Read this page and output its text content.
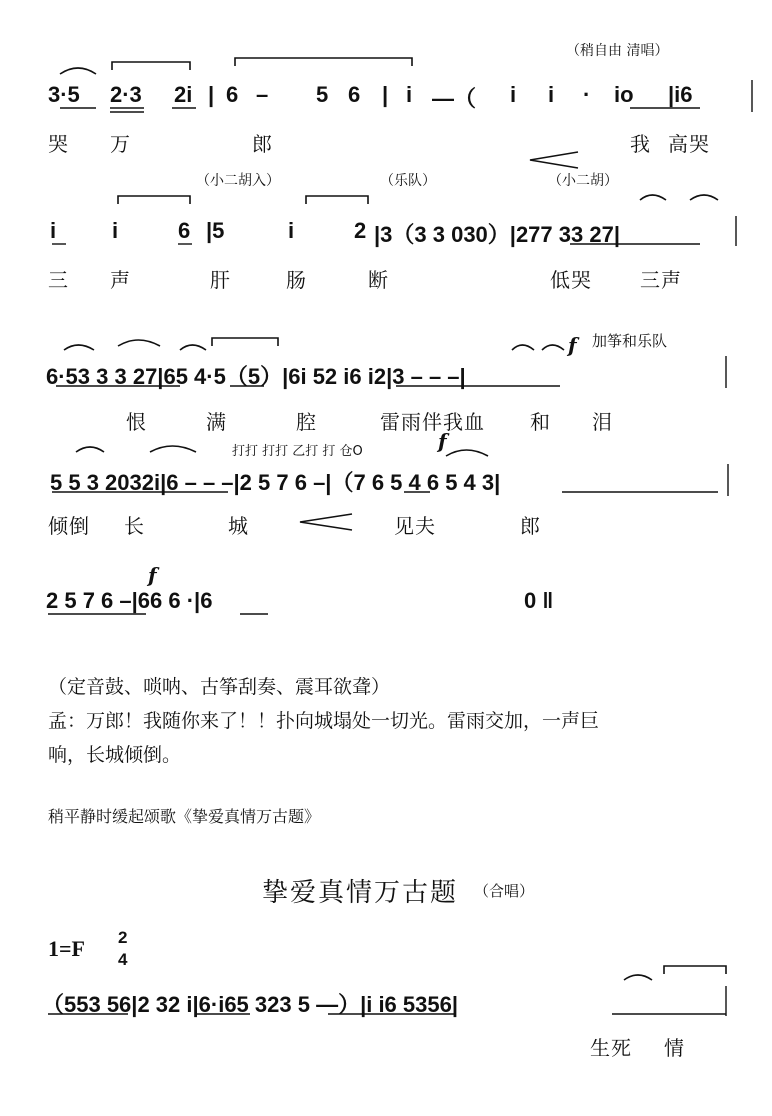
（稍自由 清唱）
3·5 2·3 2i | 6 – 5 6 | i —（ i i · io |i6
哭 万	郎	我 高哭
（小二胡入）	（乐队）	（小二胡）
i	i	6 |5	i	2 |3（3 3 030）|277 33 27|
三 声	肝	肠	断	低哭 三声
加筝和乐队
6·53 3 3 27|65 4·5（5）|6i 52 i6 i2|3 – – –|
恨	满	腔	雷雨伴我血 和 泪
打打 打打 乙打 打 仓O
5 5 3 2032i|6 – – –|2 5 7 6 –|（7 6 5 4 6 5 4 3|
倾倒 长	城	见夫	郎
2 5 7 6 –|66 6 ·|6	0 ‖
（定音鼓、唢呐、古筝刮奏、震耳欲聋）
孟：万郎！我随你来了！！扑向城塌处一切光。雷雨交加，一声巨
响，长城倾倒。
稍平静时缓起颂歌《挚爱真情万古题》
挚爱真情万古题 （合唱）
1=F 2
4
（553 56|2 32 i|6·i65 323 5 —）|i i6 5356|
生死 情
f
f
f
